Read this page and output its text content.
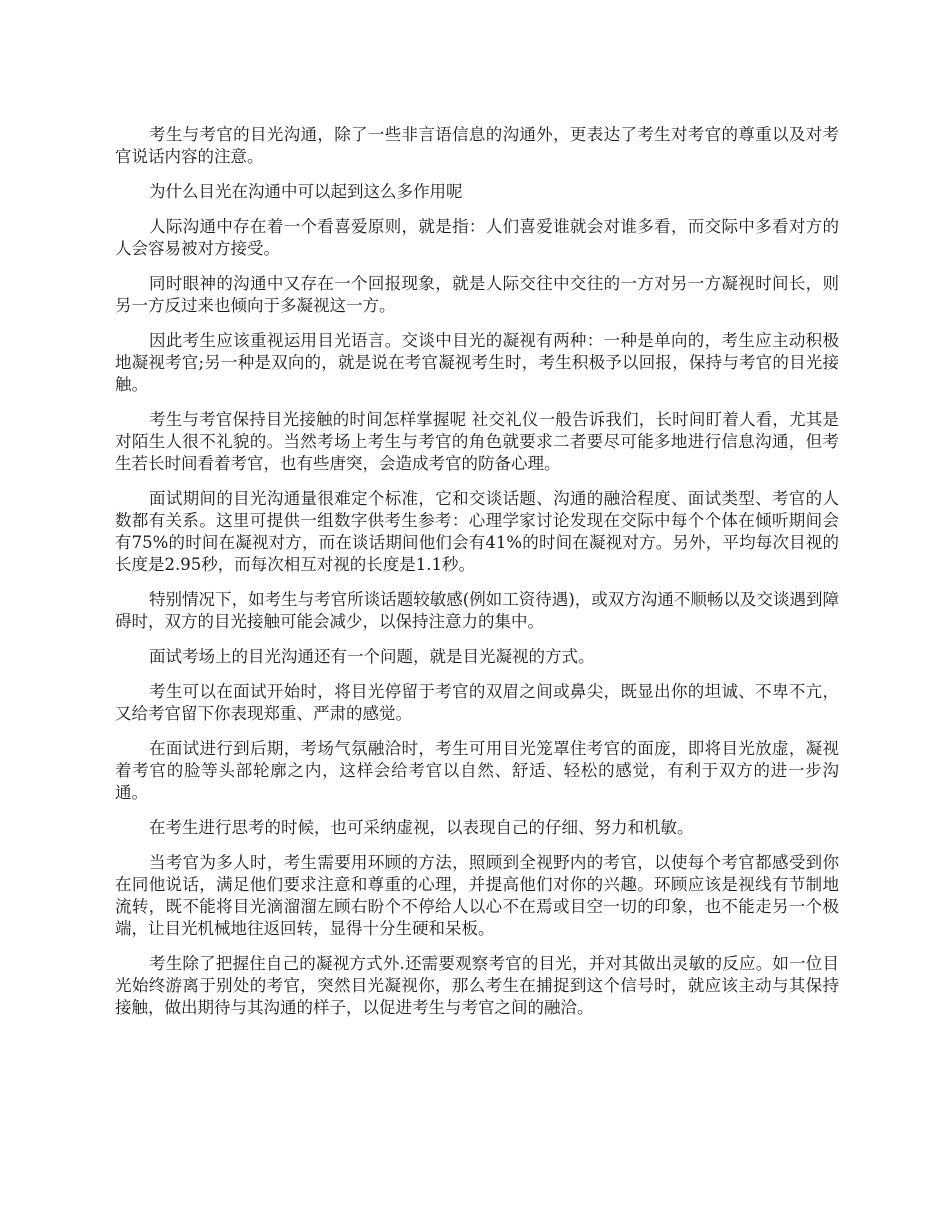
考生与考官的目光沟通，除了一些非言语信息的沟通外，更表达了考生对考官的尊重以及对考官说话内容的注意。

为什么目光在沟通中可以起到这么多作用呢

人际沟通中存在着一个看喜爱原则，就是指：人们喜爱谁就会对谁多看，而交际中多看对方的人会容易被对方接受。

同时眼神的沟通中又存在一个回报现象，就是人际交往中交往的一方对另一方凝视时间长，则另一方反过来也倾向于多凝视这一方。

因此考生应该重视运用目光语言。交谈中目光的凝视有两种：一种是单向的，考生应主动积极地凝视考官;另一种是双向的，就是说在考官凝视考生时，考生积极予以回报，保持与考官的目光接触。

考生与考官保持目光接触的时间怎样掌握呢 社交礼仪一般告诉我们，长时间盯着人看，尤其是对陌生人很不礼貌的。当然考场上考生与考官的角色就要求二者要尽可能多地进行信息沟通，但考生若长时间看着考官，也有些唐突，会造成考官的防备心理。

面试期间的目光沟通量很难定个标准，它和交谈话题、沟通的融洽程度、面试类型、考官的人数都有关系。这里可提供一组数字供考生参考：心理学家讨论发现在交际中每个个体在倾听期间会有75%的时间在凝视对方，而在谈话期间他们会有41%的时间在凝视对方。另外，平均每次目视的长度是2.95秒，而每次相互对视的长度是1.1秒。

特别情况下，如考生与考官所谈话题较敏感(例如工资待遇)，或双方沟通不顺畅以及交谈遇到障碍时，双方的目光接触可能会减少，以保持注意力的集中。

面试考场上的目光沟通还有一个问题，就是目光凝视的方式。

考生可以在面试开始时，将目光停留于考官的双眉之间或鼻尖，既显出你的坦诚、不卑不亢，又给考官留下你表现郑重、严肃的感觉。

在面试进行到后期，考场气氛融洽时，考生可用目光笼罩住考官的面庞，即将目光放虚，凝视着考官的脸等头部轮廓之内，这样会给考官以自然、舒适、轻松的感觉，有利于双方的进一步沟通。

在考生进行思考的时候，也可采纳虚视，以表现自己的仔细、努力和机敏。

当考官为多人时，考生需要用环顾的方法，照顾到全视野内的考官，以使每个考官都感受到你在同他说话，满足他们要求注意和尊重的心理，并提高他们对你的兴趣。环顾应该是视线有节制地流转，既不能将目光滴溜溜左顾右盼个不停给人以心不在焉或目空一切的印象，也不能走另一个极端，让目光机械地往返回转，显得十分生硬和呆板。

考生除了把握住自己的凝视方式外.还需要观察考官的目光，并对其做出灵敏的反应。如一位目光始终游离于别处的考官，突然目光凝视你，那么考生在捕捉到这个信号时，就应该主动与其保持接触，做出期待与其沟通的样子，以促进考生与考官之间的融洽。
